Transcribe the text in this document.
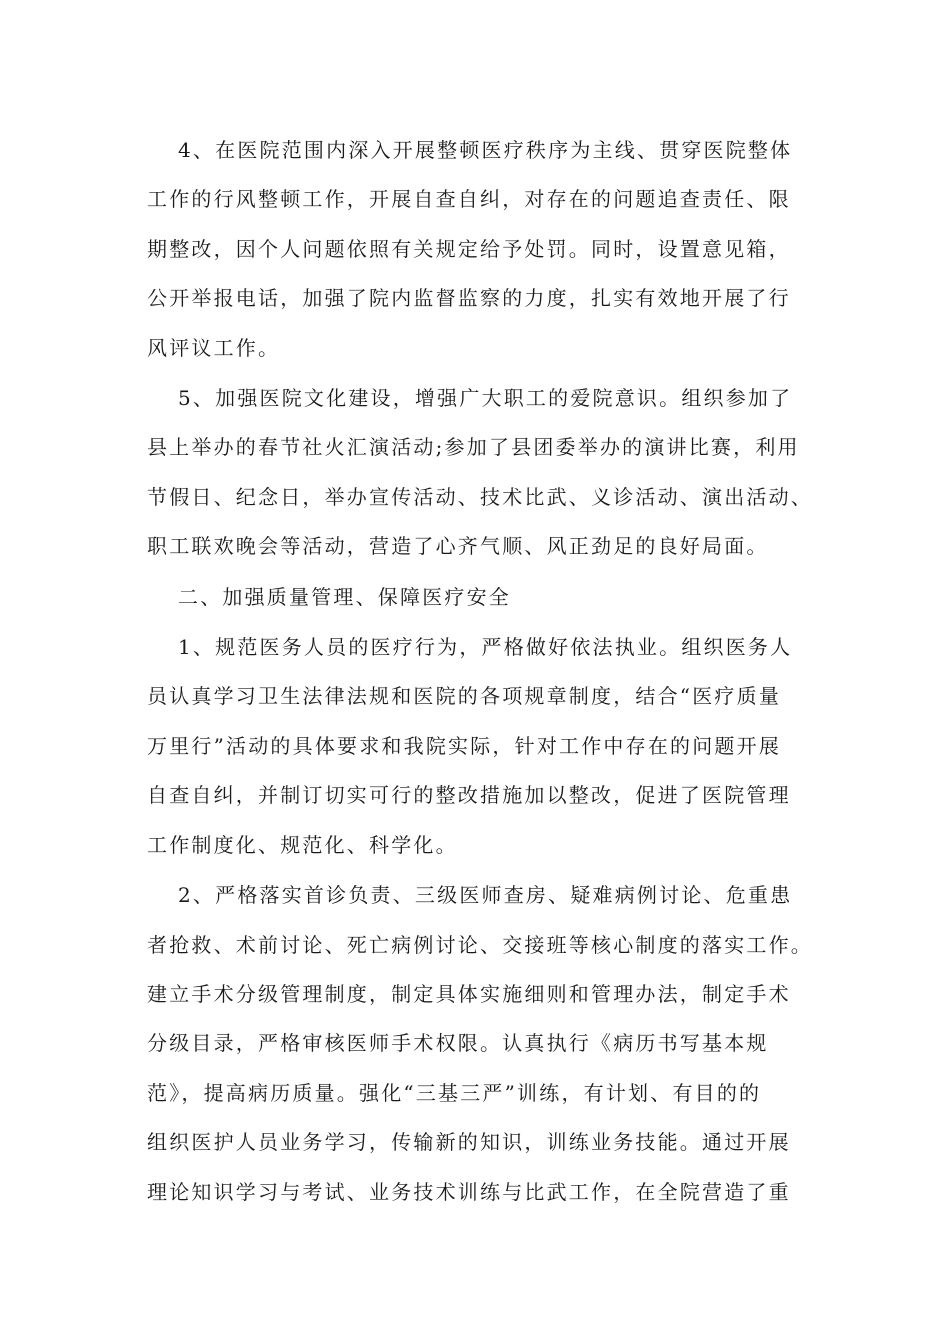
4、在医院范围内深入开展整顿医疗秩序为主线、贯穿医院整体
工作的行风整顿工作，开展自查自纠，对存在的问题追查责任、限
期整改，因个人问题依照有关规定给予处罚。同时，设置意见箱，
公开举报电话，加强了院内监督监察的力度，扎实有效地开展了行
风评议工作。

5、加强医院文化建设，增强广大职工的爱院意识。组织参加了
县上举办的春节社火汇演活动;参加了县团委举办的演讲比赛，利用
节假日、纪念日，举办宣传活动、技术比武、义诊活动、演出活动、
职工联欢晚会等活动，营造了心齐气顺、风正劲足的良好局面。

二、加强质量管理、保障医疗安全

1、规范医务人员的医疗行为，严格做好依法执业。组织医务人
员认真学习卫生法律法规和医院的各项规章制度，结合“医疗质量
万里行”活动的具体要求和我院实际，针对工作中存在的问题开展
自查自纠，并制订切实可行的整改措施加以整改，促进了医院管理
工作制度化、规范化、科学化。

2、严格落实首诊负责、三级医师查房、疑难病例讨论、危重患
者抢救、术前讨论、死亡病例讨论、交接班等核心制度的落实工作。
建立手术分级管理制度，制定具体实施细则和管理办法，制定手术
分级目录，严格审核医师手术权限。认真执行《病历书写基本规
范》，提高病历质量。强化“三基三严”训练，有计划、有目的的
组织医护人员业务学习，传输新的知识，训练业务技能。通过开展
理论知识学习与考试、业务技术训练与比武工作，在全院营造了重
